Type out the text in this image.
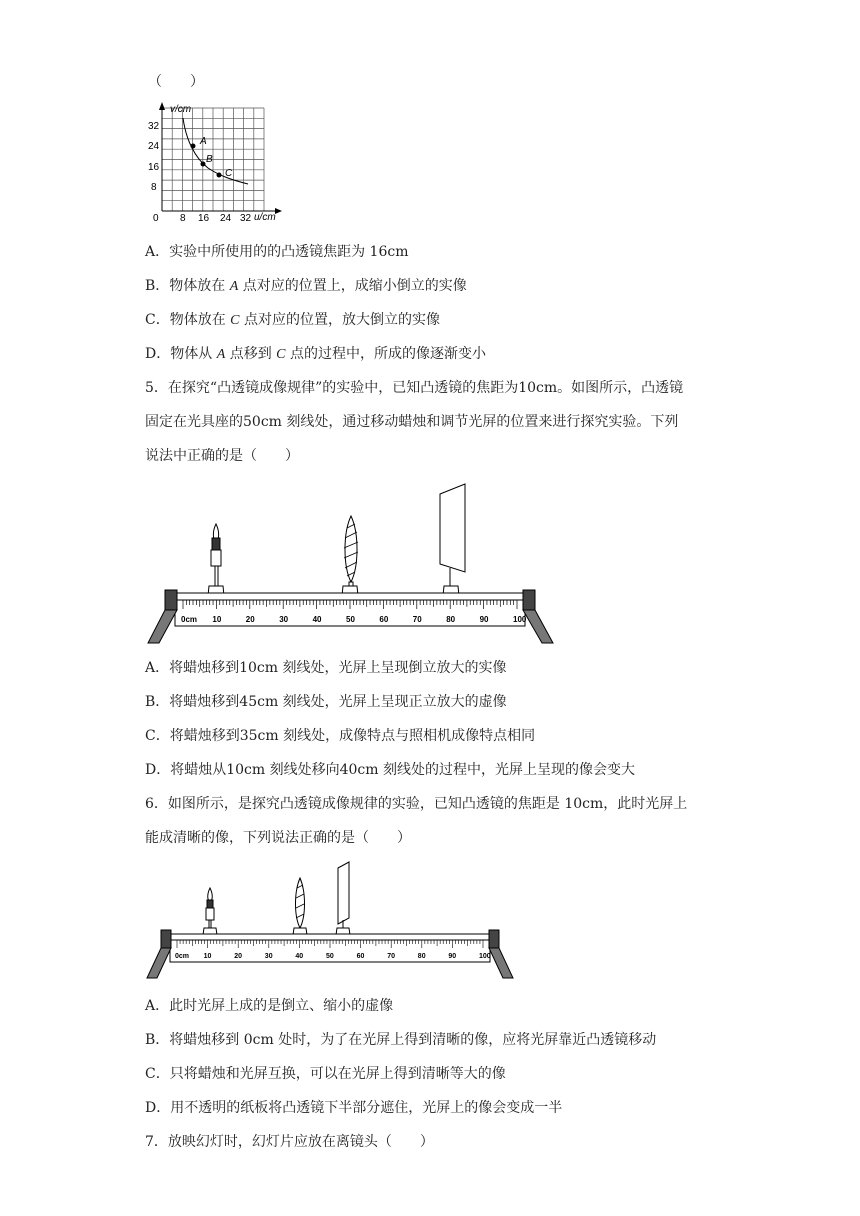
（　　）
v/cm
u/cm
32
24
16
8
0 8 16 24 32
A
B
C
A．实验中所使用的的凸透镜焦距为 16cm
B．物体放在 A 点对应的位置上，成缩小倒立的实像
C．物体放在 C 点对应的位置，放大倒立的实像
D．物体从 A 点移到 C 点的过程中，所成的像逐渐变小
5．在探究“凸透镜成像规律”的实验中，已知凸透镜的焦距为10cm。如图所示，凸透镜
固定在光具座的50cm 刻线处，通过移动蜡烛和调节光屏的位置来进行探究实验。下列
说法中正确的是（　　）
0cm 10	20	30	40	50	60	70	80	90	100
A．将蜡烛移到10cm 刻线处，光屏上呈现倒立放大的实像
B．将蜡烛移到45cm 刻线处，光屏上呈现正立放大的虚像
C．将蜡烛移到35cm 刻线处，成像特点与照相机成像特点相同
D．将蜡烛从10cm 刻线处移向40cm 刻线处的过程中，光屏上呈现的像会变大
6．如图所示，是探究凸透镜成像规律的实验，已知凸透镜的焦距是 10cm，此时光屏上
能成清晰的像，下列说法正确的是（　　）
0cm 10	20	30	40	50	60	70	80	90	100
A．此时光屏上成的是倒立、缩小的虚像
B．将蜡烛移到 0cm 处时，为了在光屏上得到清晰的像，应将光屏靠近凸透镜移动
C．只将蜡烛和光屏互换，可以在光屏上得到清晰等大的像
D．用不透明的纸板将凸透镜下半部分遮住，光屏上的像会变成一半
7．放映幻灯时，幻灯片应放在离镜头（　　）
